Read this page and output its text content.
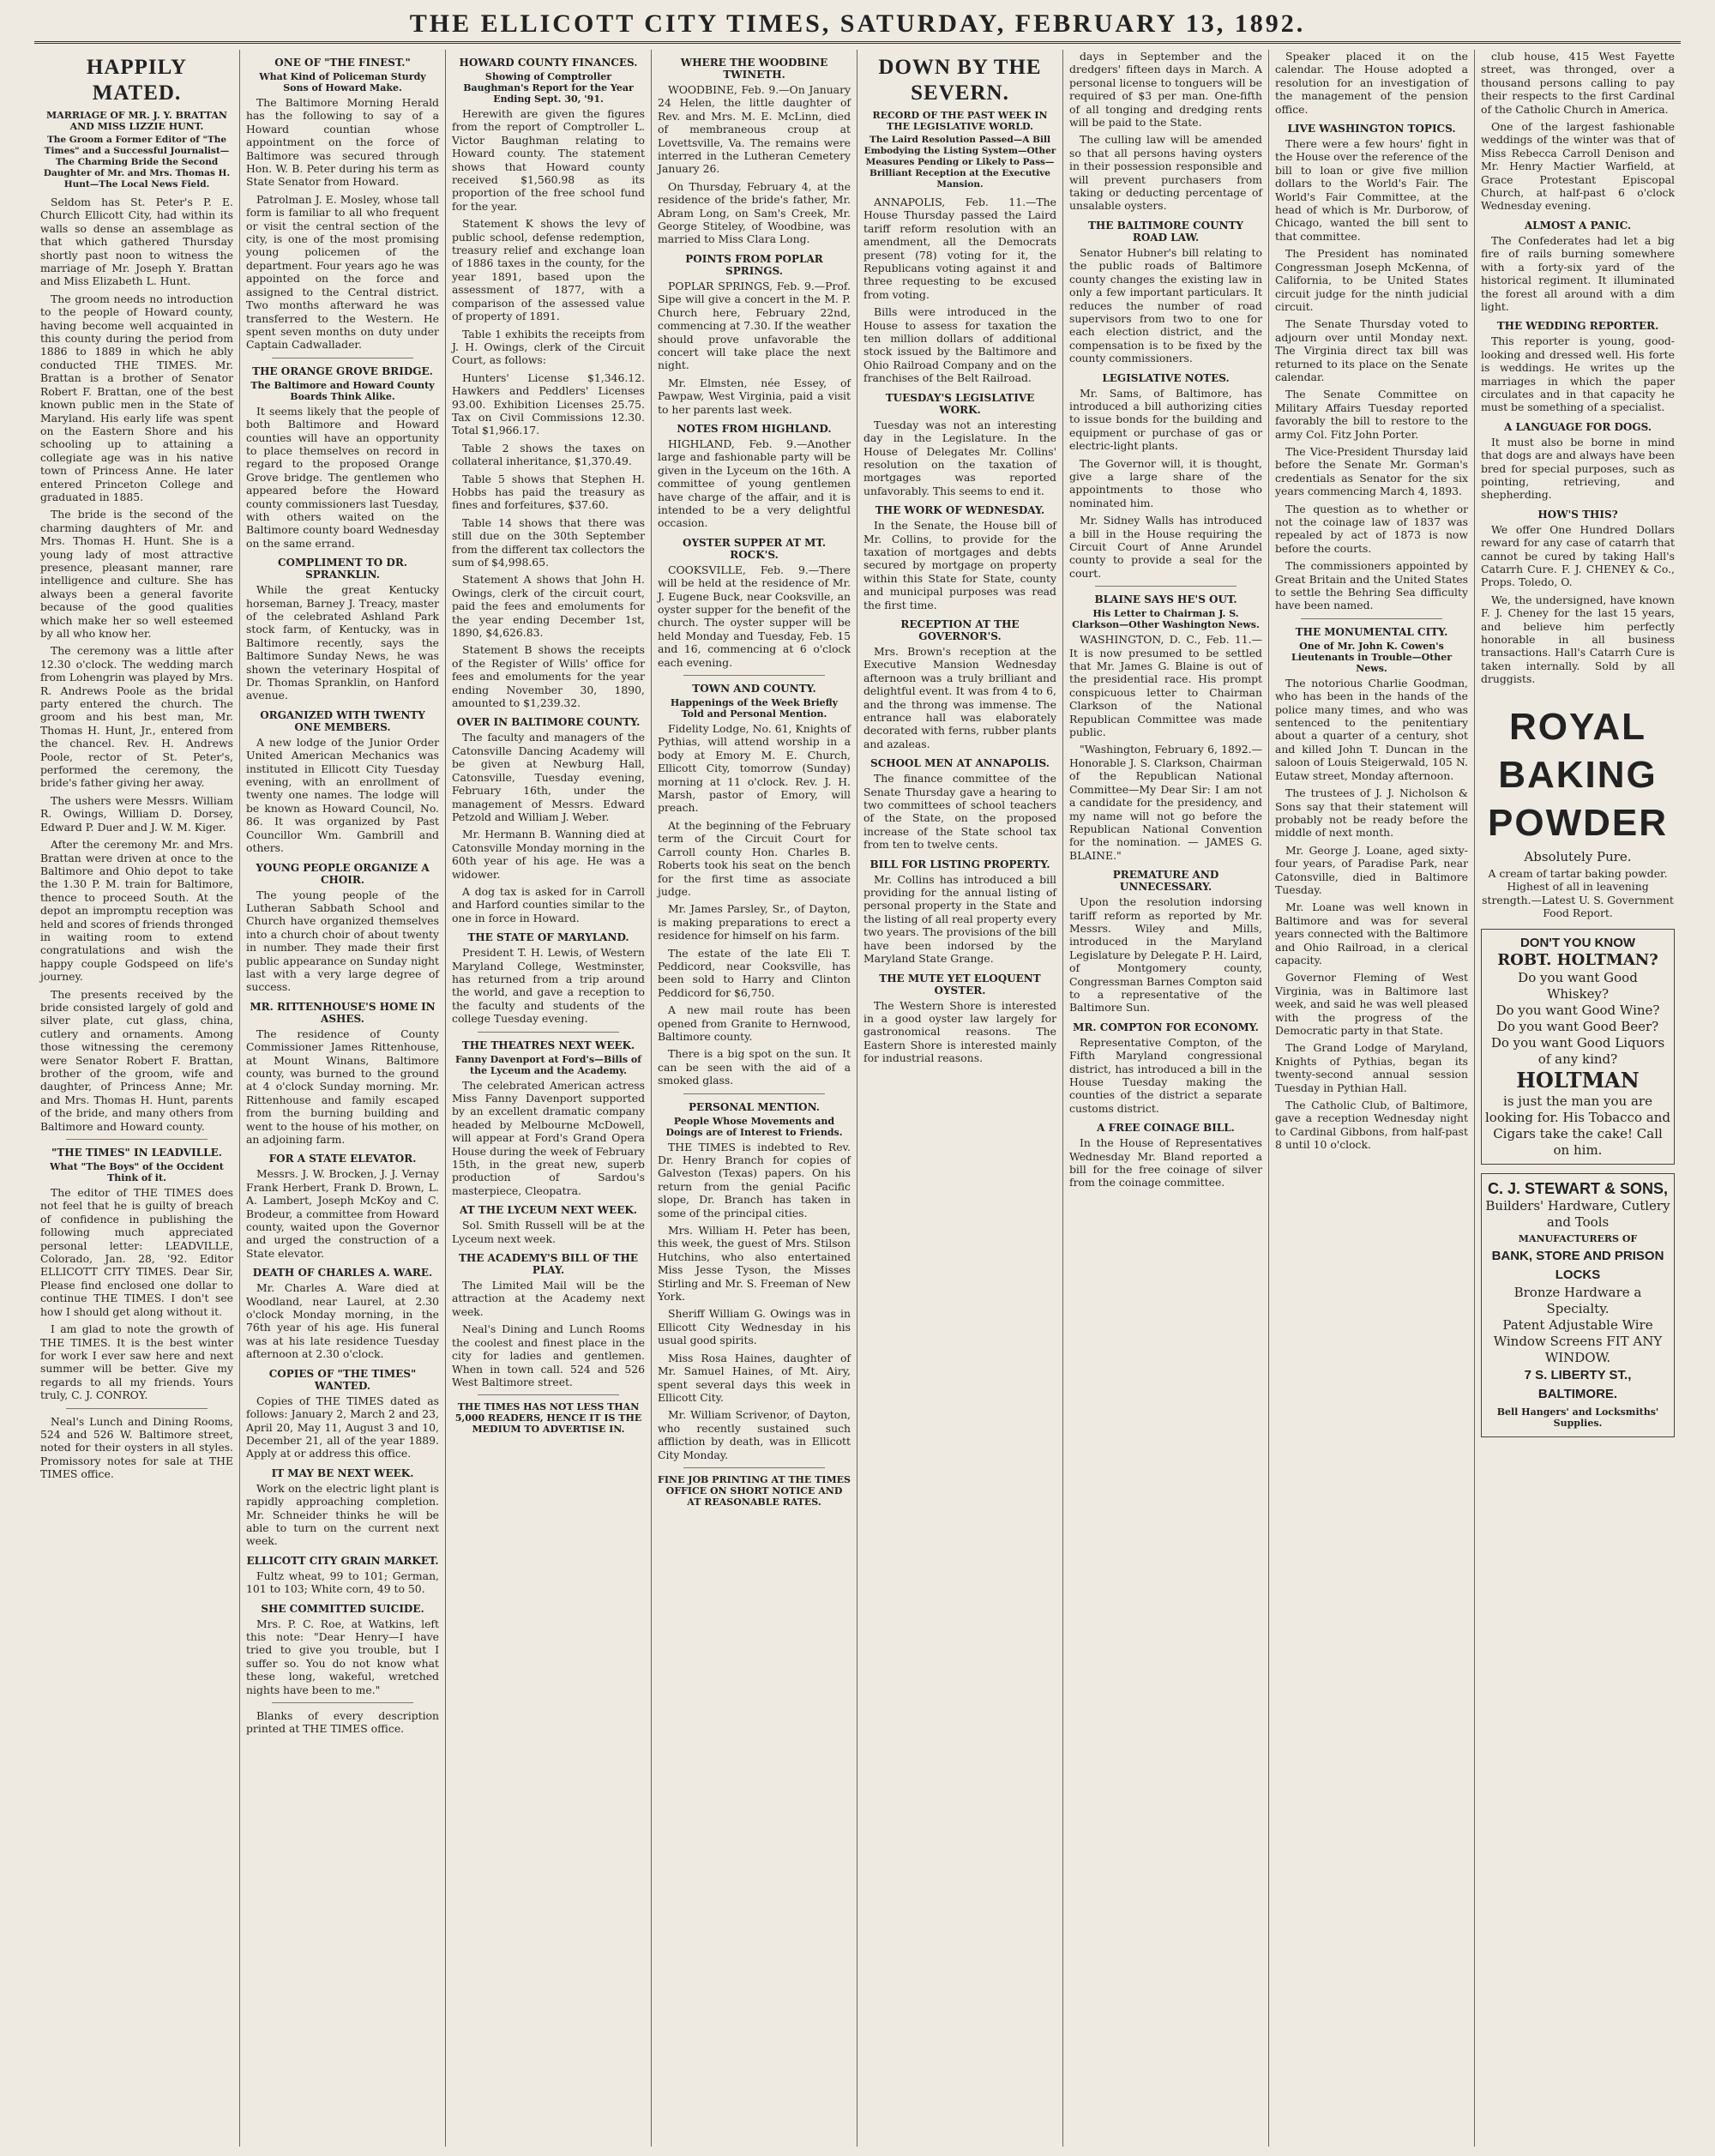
THE ELLICOTT CITY TIMES, SATURDAY, FEBRUARY 13, 1892.
HAPPILY MATED.
MARRIAGE OF MR. J. Y. BRATTAN AND MISS LIZZIE HUNT.
The Groom a Former Editor of "The Times" and a Successful Journalist—The Charming Bride the Second Daughter of Mr. and Mrs. Thomas H. Hunt—The Local News Field.

Seldom has St. Peter's P. E. Church Ellicott City, had within its walls so dense an assemblage as that which gathered Thursday shortly past noon to witness the marriage of Mr. Joseph Y. Brattan and Miss Elizabeth L. Hunt.

The groom needs no introduction to the people of Howard county, having become well acquainted in this county during the period from 1886 to 1889 in which he ably conducted THE TIMES. Mr. Brattan is a brother of Senator Robert F. Brattan, one of the best known public men in the State of Maryland. His early life was spent on the Eastern Shore and his schooling up to attaining a collegiate age was in his native town of Princess Anne. He later entered Princeton College and graduated in 1885.

The bride is the second of the charming daughters of Mr. and Mrs. Thomas H. Hunt. She is a young lady of most attractive presence, pleasant manner, rare intelligence and culture. She has always been a general favorite because of the good qualities which make her so well esteemed by all who know her.

The ceremony was a little after 12.30 o'clock. The wedding march from Lohengrin was played by Mrs. R. Andrews Poole as the bridal party entered the church. The groom and his best man, Mr. Thomas H. Hunt, Jr., entered from the chancel. Rev. H. Andrews Poole, rector of St. Peter's, performed the ceremony, the bride's father giving her away.

The ushers were Messrs. William R. Owings, William D. Dorsey, Edward P. Duer and J. W. M. Kiger.

After the ceremony Mr. and Mrs. Brattan were driven at once to the Baltimore and Ohio depot to take the 1.30 P. M. train for Baltimore, thence to proceed South. At the depot an impromptu reception was held and scores of friends thronged in waiting room to extend congratulations and wish the happy couple Godspeed on life's journey.

The presents received by the bride consisted largely of gold and silver plate, cut glass, china, cutlery and ornaments. Among those witnessing the ceremony were Senator Robert F. Brattan, brother of the groom, wife and daughter, of Princess Anne; Mr. and Mrs. Thomas H. Hunt, parents of the bride, and many others from Baltimore and Howard county.

"THE TIMES" IN LEADVILLE.
What "The Boys" of the Occident Think of it.

The editor of THE TIMES does not feel that he is guilty of breach of confidence in publishing the following much appreciated personal letter: LEADVILLE, Colorado, Jan. 28, '92. Editor ELLICOTT CITY TIMES. Dear Sir, Please find enclosed one dollar to continue THE TIMES. I don't see how I should get along without it.

I am glad to note the growth of THE TIMES. It is the best winter for work I ever saw here and next summer will be better. Give my regards to all my friends. Yours truly, C. J. CONROY.

Neal's Lunch and Dining Rooms, 524 and 526 W. Baltimore street, noted for their oysters in all styles. Promissory notes for sale at THE TIMES office.

ONE OF "THE FINEST."
What Kind of Policeman Sturdy Sons of Howard Make.

The Baltimore Morning Herald has the following to say of a Howard countian whose appointment on the force of Baltimore was secured through Hon. W. B. Peter during his term as State Senator from Howard.

Patrolman J. E. Mosley, whose tall form is familiar to all who frequent or visit the central section of the city, is one of the most promising young policemen of the department. Four years ago he was appointed on the force and assigned to the Central district. Two months afterward he was transferred to the Western. He spent seven months on duty under Captain Cadwallader.

THE ORANGE GROVE BRIDGE.
The Baltimore and Howard County Boards Think Alike.

It seems likely that the people of both Baltimore and Howard counties will have an opportunity to place themselves on record in regard to the proposed Orange Grove bridge. The gentlemen who appeared before the Howard county commissioners last Tuesday, with others waited on the Baltimore county board Wednesday on the same errand.

COMPLIMENT TO DR. SPRANKLIN.

While the great Kentucky horseman, Barney J. Treacy, master of the celebrated Ashland Park stock farm, of Kentucky, was in Baltimore recently, says the Baltimore Sunday News, he was shown the veterinary Hospital of Dr. Thomas Spranklin, on Hanford avenue.

ORGANIZED WITH TWENTY ONE MEMBERS.

A new lodge of the Junior Order United American Mechanics was instituted in Ellicott City Tuesday evening, with an enrollment of twenty one names. The lodge will be known as Howard Council, No. 86. It was organized by Past Councillor Wm. Gambrill and others.

YOUNG PEOPLE ORGANIZE A CHOIR.

The young people of the Lutheran Sabbath School and Church have organized themselves into a church choir of about twenty in number. They made their first public appearance on Sunday night last with a very large degree of success.

MR. RITTENHOUSE'S HOME IN ASHES.

The residence of County Commissioner James Rittenhouse, at Mount Winans, Baltimore county, was burned to the ground at 4 o'clock Sunday morning. Mr. Rittenhouse and family escaped from the burning building and went to the house of his mother, on an adjoining farm.

FOR A STATE ELEVATOR.

Messrs. J. W. Brocken, J. J. Vernay Frank Herbert, Frank D. Brown, L. A. Lambert, Joseph McKoy and C. Brodeur, a committee from Howard county, waited upon the Governor and urged the construction of a State elevator.

DEATH OF CHARLES A. WARE.

Mr. Charles A. Ware died at Woodland, near Laurel, at 2.30 o'clock Monday morning, in the 76th year of his age. His funeral was at his late residence Tuesday afternoon at 2.30 o'clock.

COPIES OF "THE TIMES" WANTED.

Copies of THE TIMES dated as follows: January 2, March 2 and 23, April 20, May 11, August 3 and 10, December 21, all of the year 1889. Apply at or address this office.

IT MAY BE NEXT WEEK.

Work on the electric light plant is rapidly approaching completion. Mr. Schneider thinks he will be able to turn on the current next week.

ELLICOTT CITY GRAIN MARKET.

Fultz wheat, 99 to 101; German, 101 to 103; White corn, 49 to 50.

SHE COMMITTED SUICIDE.

Mrs. P. C. Roe, at Watkins, left this note: "Dear Henry—I have tried to give you trouble, but I suffer so. You do not know what these long, wakeful, wretched nights have been to me."

Blanks of every description printed at THE TIMES office.

HOWARD COUNTY FINANCES.
Showing of Comptroller Baughman's Report for the Year Ending Sept. 30, '91.

Herewith are given the figures from the report of Comptroller L. Victor Baughman relating to Howard county. The statement shows that Howard county received $1,560.98 as its proportion of the free school fund for the year.

Statement K shows the levy of public school, defense redemption, treasury relief and exchange loan of 1886 taxes in the county, for the year 1891, based upon the assessment of 1877, with a comparison of the assessed value of property of 1891.

Table 1 exhibits the receipts from J. H. Owings, clerk of the Circuit Court, as follows:

Hunters' License $1,346.12. Hawkers and Peddlers' Licenses 93.00. Exhibition Licenses 25.75. Tax on Civil Commissions 12.30. Total $1,966.17.

Table 2 shows the taxes on collateral inheritance, $1,370.49.

Table 5 shows that Stephen H. Hobbs has paid the treasury as fines and forfeitures, $37.60.

Table 14 shows that there was still due on the 30th September from the different tax collectors the sum of $4,998.65.

Statement A shows that John H. Owings, clerk of the circuit court, paid the fees and emoluments for the year ending December 1st, 1890, $4,626.83.

Statement B shows the receipts of the Register of Wills' office for fees and emoluments for the year ending November 30, 1890, amounted to $1,239.32.

OVER IN BALTIMORE COUNTY.

The faculty and managers of the Catonsville Dancing Academy will be given at Newburg Hall, Catonsville, Tuesday evening, February 16th, under the management of Messrs. Edward Petzold and William J. Weber.

Mr. Hermann B. Wanning died at Catonsville Monday morning in the 60th year of his age. He was a widower.

A dog tax is asked for in Carroll and Harford counties similar to the one in force in Howard.

THE STATE OF MARYLAND.

President T. H. Lewis, of Western Maryland College, Westminster, has returned from a trip around the world, and gave a reception to the faculty and students of the college Tuesday evening.

THE THEATRES NEXT WEEK.
Fanny Davenport at Ford's—Bills of the Lyceum and the Academy.

The celebrated American actress Miss Fanny Davenport supported by an excellent dramatic company headed by Melbourne McDowell, will appear at Ford's Grand Opera House during the week of February 15th, in the great new, superb production of Sardou's masterpiece, Cleopatra.

AT THE LYCEUM NEXT WEEK.

Sol. Smith Russell will be at the Lyceum next week.

THE ACADEMY'S BILL OF THE PLAY.

The Limited Mail will be the attraction at the Academy next week.

Neal's Dining and Lunch Rooms the coolest and finest place in the city for ladies and gentlemen. When in town call. 524 and 526 West Baltimore street.

THE TIMES HAS NOT LESS THAN 5,000 READERS, HENCE IT IS THE MEDIUM TO ADVERTISE IN.
WHERE THE WOODBINE TWINETH.

WOODBINE, Feb. 9.—On January 24 Helen, the little daughter of Rev. and Mrs. M. E. McLinn, died of membraneous croup at Lovettsville, Va. The remains were interred in the Lutheran Cemetery January 26.

On Thursday, February 4, at the residence of the bride's father, Mr. Abram Long, on Sam's Creek, Mr. George Stiteley, of Woodbine, was married to Miss Clara Long.

POINTS FROM POPLAR SPRINGS.

POPLAR SPRINGS, Feb. 9.—Prof. Sipe will give a concert in the M. P. Church here, February 22nd, commencing at 7.30. If the weather should prove unfavorable the concert will take place the next night.

Mr. Elmsten, née Essey, of Pawpaw, West Virginia, paid a visit to her parents last week.

NOTES FROM HIGHLAND.

HIGHLAND, Feb. 9.—Another large and fashionable party will be given in the Lyceum on the 16th. A committee of young gentlemen have charge of the affair, and it is intended to be a very delightful occasion.

OYSTER SUPPER AT MT. ROCK'S.

COOKSVILLE, Feb. 9.—There will be held at the residence of Mr. J. Eugene Buck, near Cooksville, an oyster supper for the benefit of the church. The oyster supper will be held Monday and Tuesday, Feb. 15 and 16, commencing at 6 o'clock each evening.

TOWN AND COUNTY.
Happenings of the Week Briefly Told and Personal Mention.

Fidelity Lodge, No. 61, Knights of Pythias, will attend worship in a body at Emory M. E. Church, Ellicott City, tomorrow (Sunday) morning at 11 o'clock. Rev. J. H. Marsh, pastor of Emory, will preach.

At the beginning of the February term of the Circuit Court for Carroll county Hon. Charles B. Roberts took his seat on the bench for the first time as associate judge.

Mr. James Parsley, Sr., of Dayton, is making preparations to erect a residence for himself on his farm.

The estate of the late Eli T. Peddicord, near Cooksville, has been sold to Harry and Clinton Peddicord for $6,750.

A new mail route has been opened from Granite to Hernwood, Baltimore county.

There is a big spot on the sun. It can be seen with the aid of a smoked glass.

PERSONAL MENTION.
People Whose Movements and Doings are of Interest to Friends.

THE TIMES is indebted to Rev. Dr. Henry Branch for copies of Galveston (Texas) papers. On his return from the genial Pacific slope, Dr. Branch has taken in some of the principal cities.

Mrs. William H. Peter has been, this week, the guest of Mrs. Stilson Hutchins, who also entertained Miss Jesse Tyson, the Misses Stirling and Mr. S. Freeman of New York.

Sheriff William G. Owings was in Ellicott City Wednesday in his usual good spirits.

Miss Rosa Haines, daughter of Mr. Samuel Haines, of Mt. Airy, spent several days this week in Ellicott City.

Mr. William Scrivenor, of Dayton, who recently sustained such affliction by death, was in Ellicott City Monday.

FINE JOB PRINTING AT THE TIMES OFFICE ON SHORT NOTICE AND AT REASONABLE RATES.
DOWN BY THE SEVERN.
RECORD OF THE PAST WEEK IN THE LEGISLATIVE WORLD.
The Laird Resolution Passed—A Bill Embodying the Listing System—Other Measures Pending or Likely to Pass—Brilliant Reception at the Executive Mansion.

ANNAPOLIS, Feb. 11.—The House Thursday passed the Laird tariff reform resolution with an amendment, all the Democrats present (78) voting for it, the Republicans voting against it and three requesting to be excused from voting.

Bills were introduced in the House to assess for taxation the ten million dollars of additional stock issued by the Baltimore and Ohio Railroad Company and on the franchises of the Belt Railroad.

TUESDAY'S LEGISLATIVE WORK.

Tuesday was not an interesting day in the Legislature. In the House of Delegates Mr. Collins' resolution on the taxation of mortgages was reported unfavorably. This seems to end it.

THE WORK OF WEDNESDAY.

In the Senate, the House bill of Mr. Collins, to provide for the taxation of mortgages and debts secured by mortgage on property within this State for State, county and municipal purposes was read the first time.

RECEPTION AT THE GOVERNOR'S.

Mrs. Brown's reception at the Executive Mansion Wednesday afternoon was a truly brilliant and delightful event. It was from 4 to 6, and the throng was immense. The entrance hall was elaborately decorated with ferns, rubber plants and azaleas.

SCHOOL MEN AT ANNAPOLIS.

The finance committee of the Senate Thursday gave a hearing to two committees of school teachers of the State, on the proposed increase of the State school tax from ten to twelve cents.

BILL FOR LISTING PROPERTY.

Mr. Collins has introduced a bill providing for the annual listing of personal property in the State and the listing of all real property every two years. The provisions of the bill have been indorsed by the Maryland State Grange.

THE MUTE YET ELOQUENT OYSTER.

The Western Shore is interested in a good oyster law largely for gastronomical reasons. The Eastern Shore is interested mainly for industrial reasons.

days in September and the dredgers' fifteen days in March. A personal license to tonguers will be required of $3 per man. One-fifth of all tonging and dredging rents will be paid to the State.

The culling law will be amended so that all persons having oysters in their possession responsible and will prevent purchasers from taking or deducting percentage of unsalable oysters.

THE BALTIMORE COUNTY ROAD LAW.

Senator Hubner's bill relating to the public roads of Baltimore county changes the existing law in only a few important particulars. It reduces the number of road supervisors from two to one for each election district, and the compensation is to be fixed by the county commissioners.

LEGISLATIVE NOTES.

Mr. Sams, of Baltimore, has introduced a bill authorizing cities to issue bonds for the building and equipment or purchase of gas or electric-light plants.

The Governor will, it is thought, give a large share of the appointments to those who nominated him.

Mr. Sidney Walls has introduced a bill in the House requiring the Circuit Court of Anne Arundel county to provide a seal for the court.

BLAINE SAYS HE'S OUT.
His Letter to Chairman J. S. Clarkson—Other Washington News.

WASHINGTON, D. C., Feb. 11.—It is now presumed to be settled that Mr. James G. Blaine is out of the presidential race. His prompt conspicuous letter to Chairman Clarkson of the National Republican Committee was made public.

"Washington, February 6, 1892.—Honorable J. S. Clarkson, Chairman of the Republican National Committee—My Dear Sir: I am not a candidate for the presidency, and my name will not go before the Republican National Convention for the nomination. — JAMES G. BLAINE."

PREMATURE AND UNNECESSARY.

Upon the resolution indorsing tariff reform as reported by Mr. Messrs. Wiley and Mills, introduced in the Maryland Legislature by Delegate P. H. Laird, of Montgomery county, Congressman Barnes Compton said to a representative of the Baltimore Sun.

MR. COMPTON FOR ECONOMY.

Representative Compton, of the Fifth Maryland congressional district, has introduced a bill in the House Tuesday making the counties of the district a separate customs district.

A FREE COINAGE BILL.

In the House of Representatives Wednesday Mr. Bland reported a bill for the free coinage of silver from the coinage committee.

Speaker placed it on the calendar. The House adopted a resolution for an investigation of the management of the pension office.

LIVE WASHINGTON TOPICS.

There were a few hours' fight in the House over the reference of the bill to loan or give five million dollars to the World's Fair. The World's Fair Committee, at the head of which is Mr. Durborow, of Chicago, wanted the bill sent to that committee.

The President has nominated Congressman Joseph McKenna, of California, to be United States circuit judge for the ninth judicial circuit.

The Senate Thursday voted to adjourn over until Monday next. The Virginia direct tax bill was returned to its place on the Senate calendar.

The Senate Committee on Military Affairs Tuesday reported favorably the bill to restore to the army Col. Fitz John Porter.

The Vice-President Thursday laid before the Senate Mr. Gorman's credentials as Senator for the six years commencing March 4, 1893.

The question as to whether or not the coinage law of 1837 was repealed by act of 1873 is now before the courts.

The commissioners appointed by Great Britain and the United States to settle the Behring Sea difficulty have been named.

THE MONUMENTAL CITY.
One of Mr. John K. Cowen's Lieutenants in Trouble—Other News.

The notorious Charlie Goodman, who has been in the hands of the police many times, and who was sentenced to the penitentiary about a quarter of a century, shot and killed John T. Duncan in the saloon of Louis Steigerwald, 105 N. Eutaw street, Monday afternoon.

The trustees of J. J. Nicholson & Sons say that their statement will probably not be ready before the middle of next month.

Mr. George J. Loane, aged sixty-four years, of Paradise Park, near Catonsville, died in Baltimore Tuesday.

Mr. Loane was well known in Baltimore and was for several years connected with the Baltimore and Ohio Railroad, in a clerical capacity.

Governor Fleming of West Virginia, was in Baltimore last week, and said he was well pleased with the progress of the Democratic party in that State.

The Grand Lodge of Maryland, Knights of Pythias, began its twenty-second annual session Tuesday in Pythian Hall.

The Catholic Club, of Baltimore, gave a reception Wednesday night to Cardinal Gibbons, from half-past 8 until 10 o'clock.

club house, 415 West Fayette street, was thronged, over a thousand persons calling to pay their respects to the first Cardinal of the Catholic Church in America.

One of the largest fashionable weddings of the winter was that of Miss Rebecca Carroll Denison and Mr. Henry Mactier Warfield, at Grace Protestant Episcopal Church, at half-past 6 o'clock Wednesday evening.

ALMOST A PANIC.

The Confederates had let a big fire of rails burning somewhere with a forty-six yard of the historical regiment. It illuminated the forest all around with a dim light.

THE WEDDING REPORTER.

This reporter is young, good-looking and dressed well. His forte is weddings. He writes up the marriages in which the paper circulates and in that capacity he must be something of a specialist.

A LANGUAGE FOR DOGS.

It must also be borne in mind that dogs are and always have been bred for special purposes, such as pointing, retrieving, and shepherding.

HOW'S THIS?

We offer One Hundred Dollars reward for any case of catarrh that cannot be cured by taking Hall's Catarrh Cure. F. J. CHENEY & Co., Props. Toledo, O.

We, the undersigned, have known F. J. Cheney for the last 15 years, and believe him perfectly honorable in all business transactions. Hall's Catarrh Cure is taken internally. Sold by all druggists.

ROYAL
BAKING
POWDER
Absolutely Pure.

A cream of tartar baking powder. Highest of all in leavening strength.—Latest U. S. Government Food Report.

DON'T YOU KNOW
ROBT. HOLTMAN?
Do you want Good Whiskey?
Do you want Good Wine?
Do you want Good Beer?
Do you want Good Liquors of any kind?
HOLTMAN
is just the man you are looking for. His Tobacco and Cigars take the cake! Call on him.
C. J. STEWART & SONS,
Builders' Hardware, Cutlery and Tools
MANUFACTURERS OF
BANK, STORE AND PRISON LOCKS
Bronze Hardware a Specialty.
Patent Adjustable Wire Window Screens FIT ANY WINDOW.
7 S. LIBERTY ST., BALTIMORE.
Bell Hangers' and Locksmiths' Supplies.
